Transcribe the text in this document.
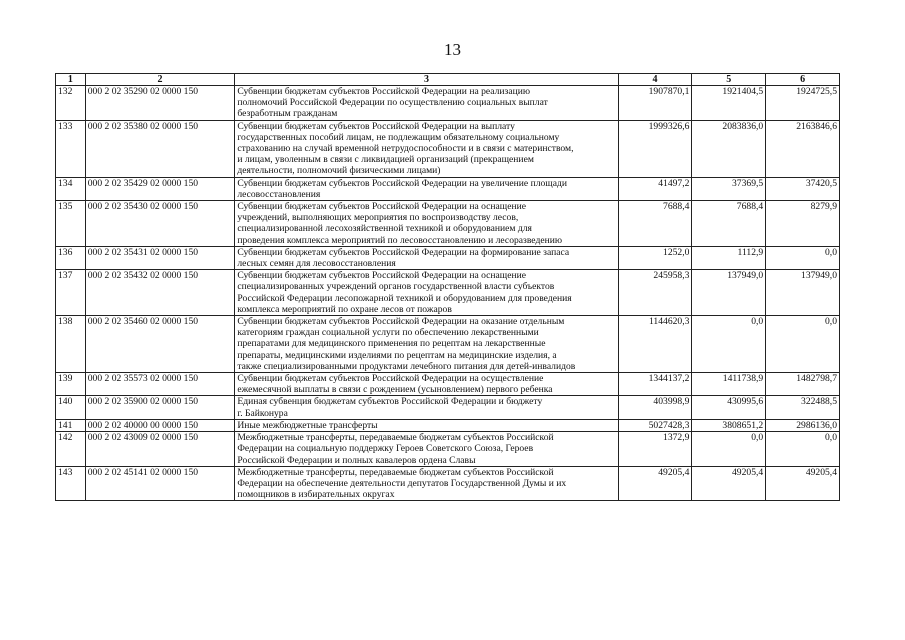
13
1	2	3	4	5	6
132	000 2 02 35290 02 0000 150	Субвенции бюджетам субъектов Российской Федерации на реализацию
полномочий Российской Федерации по осуществлению социальных выплат
безработным гражданам	1907870,1	1921404,5	1924725,5
133	000 2 02 35380 02 0000 150	Субвенции бюджетам субъектов Российской Федерации на выплату
государственных пособий лицам, не подлежащим обязательному социальному
страхованию на случай временной нетрудоспособности и в связи с материнством,
и лицам, уволенным в связи с ликвидацией организаций (прекращением
деятельности, полномочий физическими лицами)	1999326,6	2083836,0	2163846,6
134	000 2 02 35429 02 0000 150	Субвенции бюджетам субъектов Российской Федерации на увеличение площади
лесовосстановления	41497,2	37369,5	37420,5
135	000 2 02 35430 02 0000 150	Субвенции бюджетам субъектов Российской Федерации на оснащение
учреждений, выполняющих мероприятия по воспроизводству лесов,
специализированной лесохозяйственной техникой и оборудованием для
проведения комплекса мероприятий по лесовосстановлению и лесоразведению	7688,4	7688,4	8279,9
136	000 2 02 35431 02 0000 150	Субвенции бюджетам субъектов Российской Федерации на формирование запаса
лесных семян для лесовосстановления	1252,0	1112,9	0,0
137	000 2 02 35432 02 0000 150	Субвенции бюджетам субъектов Российской Федерации на оснащение
специализированных учреждений органов государственной власти субъектов
Российской Федерации лесопожарной техникой и оборудованием для проведения
комплекса мероприятий по охране лесов от пожаров	245958,3	137949,0	137949,0
138	000 2 02 35460 02 0000 150	Субвенции бюджетам субъектов Российской Федерации на оказание отдельным
категориям граждан социальной услуги по обеспечению лекарственными
препаратами для медицинского применения по рецептам на лекарственные
препараты, медицинскими изделиями по рецептам на медицинские изделия, а
также специализированными продуктами лечебного питания для детей-инвалидов	1144620,3	0,0	0,0
139	000 2 02 35573 02 0000 150	Субвенции бюджетам субъектов Российской Федерации на осуществление
ежемесячной выплаты в связи с рождением (усыновлением) первого ребенка	1344137,2	1411738,9	1482798,7
140	000 2 02 35900 02 0000 150	Единая субвенция бюджетам субъектов Российской Федерации и бюджету
г. Байконура	403998,9	430995,6	322488,5
141	000 2 02 40000 00 0000 150	Иные межбюджетные трансферты	5027428,3	3808651,2	2986136,0
142	000 2 02 43009 02 0000 150	Межбюджетные трансферты, передаваемые бюджетам субъектов Российской
Федерации на социальную поддержку Героев Советского Союза, Героев
Российской Федерации и полных кавалеров ордена Славы	1372,9	0,0	0,0
143	000 2 02 45141 02 0000 150	Межбюджетные трансферты, передаваемые бюджетам субъектов Российской
Федерации на обеспечение деятельности депутатов Государственной Думы и их
помощников в избирательных округах	49205,4	49205,4	49205,4
